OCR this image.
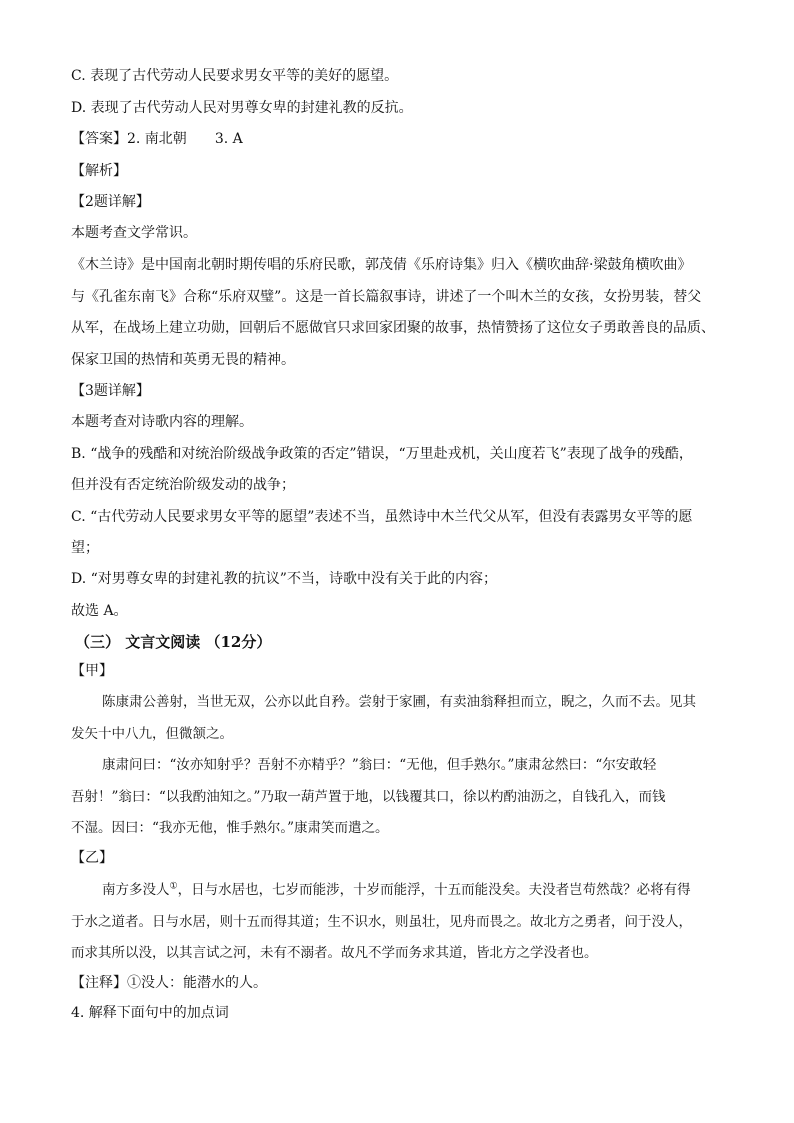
C. 表现了古代劳动人民要求男女平等的美好的愿望。
D. 表现了古代劳动人民对男尊女卑的封建礼教的反抗。
【答案】2. 南北朝 3. A
【解析】
【2题详解】
本题考查文学常识。
《木兰诗》是中国南北朝时期传唱的乐府民歌，郭茂倩《乐府诗集》归入《横吹曲辞·梁鼓角横吹曲》
与《孔雀东南飞》合称“乐府双璧”。这是一首长篇叙事诗，讲述了一个叫木兰的女孩，女扮男装，替父
从军，在战场上建立功勋，回朝后不愿做官只求回家团聚的故事，热情赞扬了这位女子勇敢善良的品质、
保家卫国的热情和英勇无畏的精神。
【3题详解】
本题考查对诗歌内容的理解。
B. “战争的残酷和对统治阶级战争政策的否定”错误，“万里赴戎机，关山度若飞”表现了战争的残酷，
但并没有否定统治阶级发动的战争；
C. “古代劳动人民要求男女平等的愿望”表述不当，虽然诗中木兰代父从军，但没有表露男女平等的愿
望；
D. “对男尊女卑的封建礼教的抗议”不当，诗歌中没有关于此的内容；
故选 A。
（三） 文言文阅读 （12分）
【甲】
陈康肃公善射，当世无双，公亦以此自矜。尝射于家圃，有卖油翁释担而立，睨之，久而不去。见其
发矢十中八九，但微颔之。
康肃问曰：“汝亦知射乎？吾射不亦精乎？”翁曰：“无他，但手熟尔。”康肃忿然曰：“尔安敢轻
吾射！”翁曰：“以我酌油知之。”乃取一葫芦置于地，以钱覆其口，徐以杓酌油沥之，自钱孔入，而钱
不湿。因曰：“我亦无他，惟手熟尔。”康肃笑而遣之。
【乙】
南方多没人①，日与水居也，七岁而能涉，十岁而能浮，十五而能没矣。夫没者岂苟然哉？必将有得
于水之道者。日与水居，则十五而得其道；生不识水，则虽壮，见舟而畏之。故北方之勇者，问于没人，
而求其所以没，以其言试之河，未有不溺者。故凡不学而务求其道，皆北方之学没者也。
【注释】①没人：能潜水的人。
4. 解释下面句中的加点词
